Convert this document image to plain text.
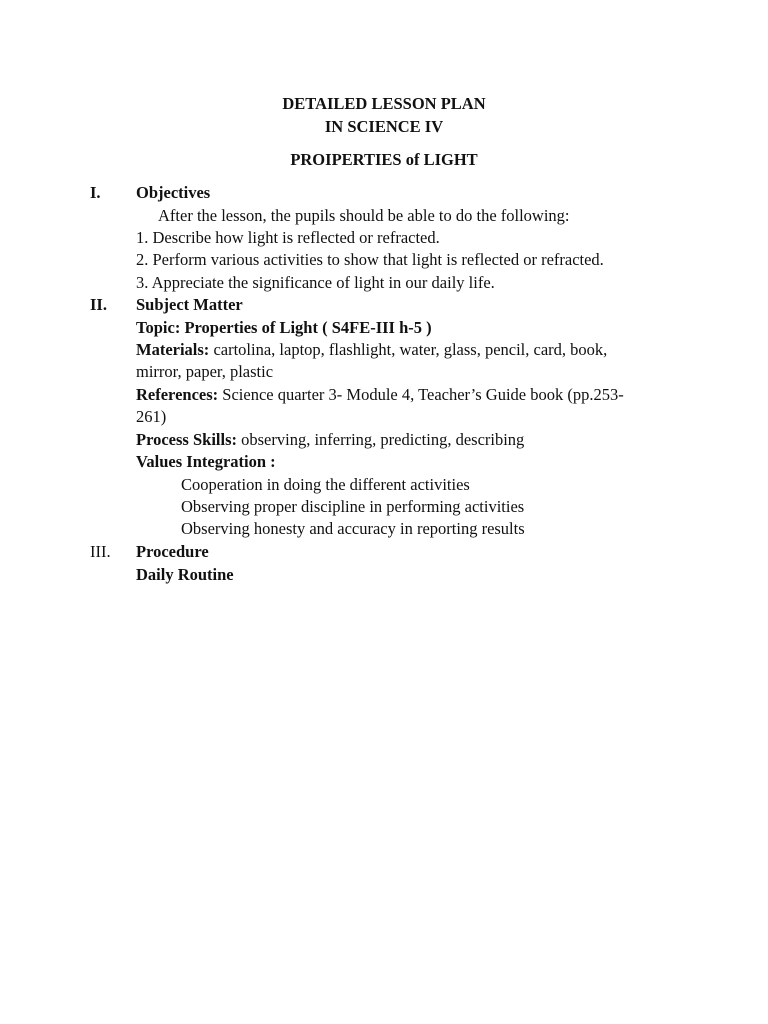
DETAILED LESSON PLAN
IN SCIENCE IV
PROIPERTIES of LIGHT
I. Objectives
After the lesson, the pupils should be able to do the following:
1. Describe how light is reflected or refracted.
2. Perform various activities to show that light is reflected or refracted.
3. Appreciate the significance of light in our daily life.
II. Subject Matter
Topic: Properties of Light ( S4FE-III h-5 )
Materials: cartolina, laptop, flashlight, water, glass, pencil, card, book,
mirror, paper, plastic
References: Science quarter 3- Module 4, Teacher’s Guide book (pp.253-
261)
Process Skills: observing, inferring, predicting, describing
Values Integration :
Cooperation in doing the different activities
Observing proper discipline in performing activities
Observing honesty and accuracy in reporting results
III. Procedure
Daily Routine
